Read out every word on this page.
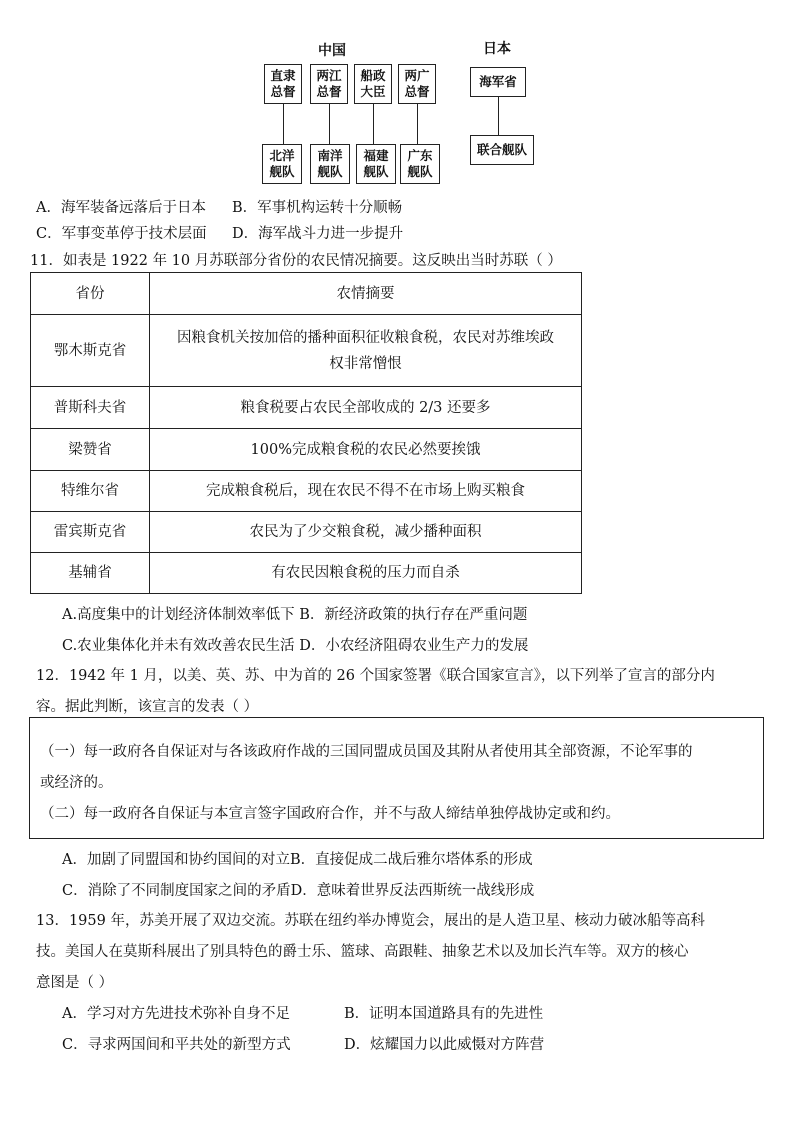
中国	日本
直隶
总督
两江
总督
船政
大臣
两广
总督
北洋
舰队
南洋
舰队
福建
舰队
广东
舰队
海军省
联合舰队
A．海军装备远落后于日本 B．军事机构运转十分顺畅
C．军事变革停于技术层面 D．海军战斗力进一步提升
11．如表是 1922 年 10 月苏联部分省份的农民情况摘要。这反映出当时苏联（ ）
省份	农情摘要
鄂木斯克省	因粮食机关按加倍的播种面积征收粮食税，农民对苏维埃政
权非常憎恨

普斯科夫省	粮食税要占农民全部收成的 2/3 还要多
梁赞省	100%完成粮食税的农民必然要挨饿
特维尔省	完成粮食税后，现在农民不得不在市场上购买粮食
雷宾斯克省	农民为了少交粮食税，减少播种面积
基辅省	有农民因粮食税的压力而自杀
A.高度集中的计划经济体制效率低下 B．新经济政策的执行存在严重问题
C.农业集体化并未有效改善农民生活 D．小农经济阻碍农业生产力的发展
12．1942 年 1 月，以美、英、苏、中为首的 26 个国家签署《联合国家宣言》，以下列举了宣言的部分内
容。据此判断，该宣言的发表（ ）
（一）每一政府各自保证对与各该政府作战的三国同盟成员国及其附从者使用其全部资源，不论军事的
或经济的。
（二）每一政府各自保证与本宣言签字国政府合作，并不与敌人缔结单独停战协定或和约。
A．加剧了同盟国和协约国间的对立B．直接促成二战后雅尔塔体系的形成
C．消除了不同制度国家之间的矛盾D．意味着世界反法西斯统一战线形成
13．1959 年，苏美开展了双边交流。苏联在纽约举办博览会，展出的是人造卫星、核动力破冰船等高科
技。美国人在莫斯科展出了别具特色的爵士乐、篮球、高跟鞋、抽象艺术以及加长汽车等。双方的核心
意图是（ ）
A．学习对方先进技术弥补自身不足	B．证明本国道路具有的先进性
C．寻求两国间和平共处的新型方式	D．炫耀国力以此威慑对方阵营
